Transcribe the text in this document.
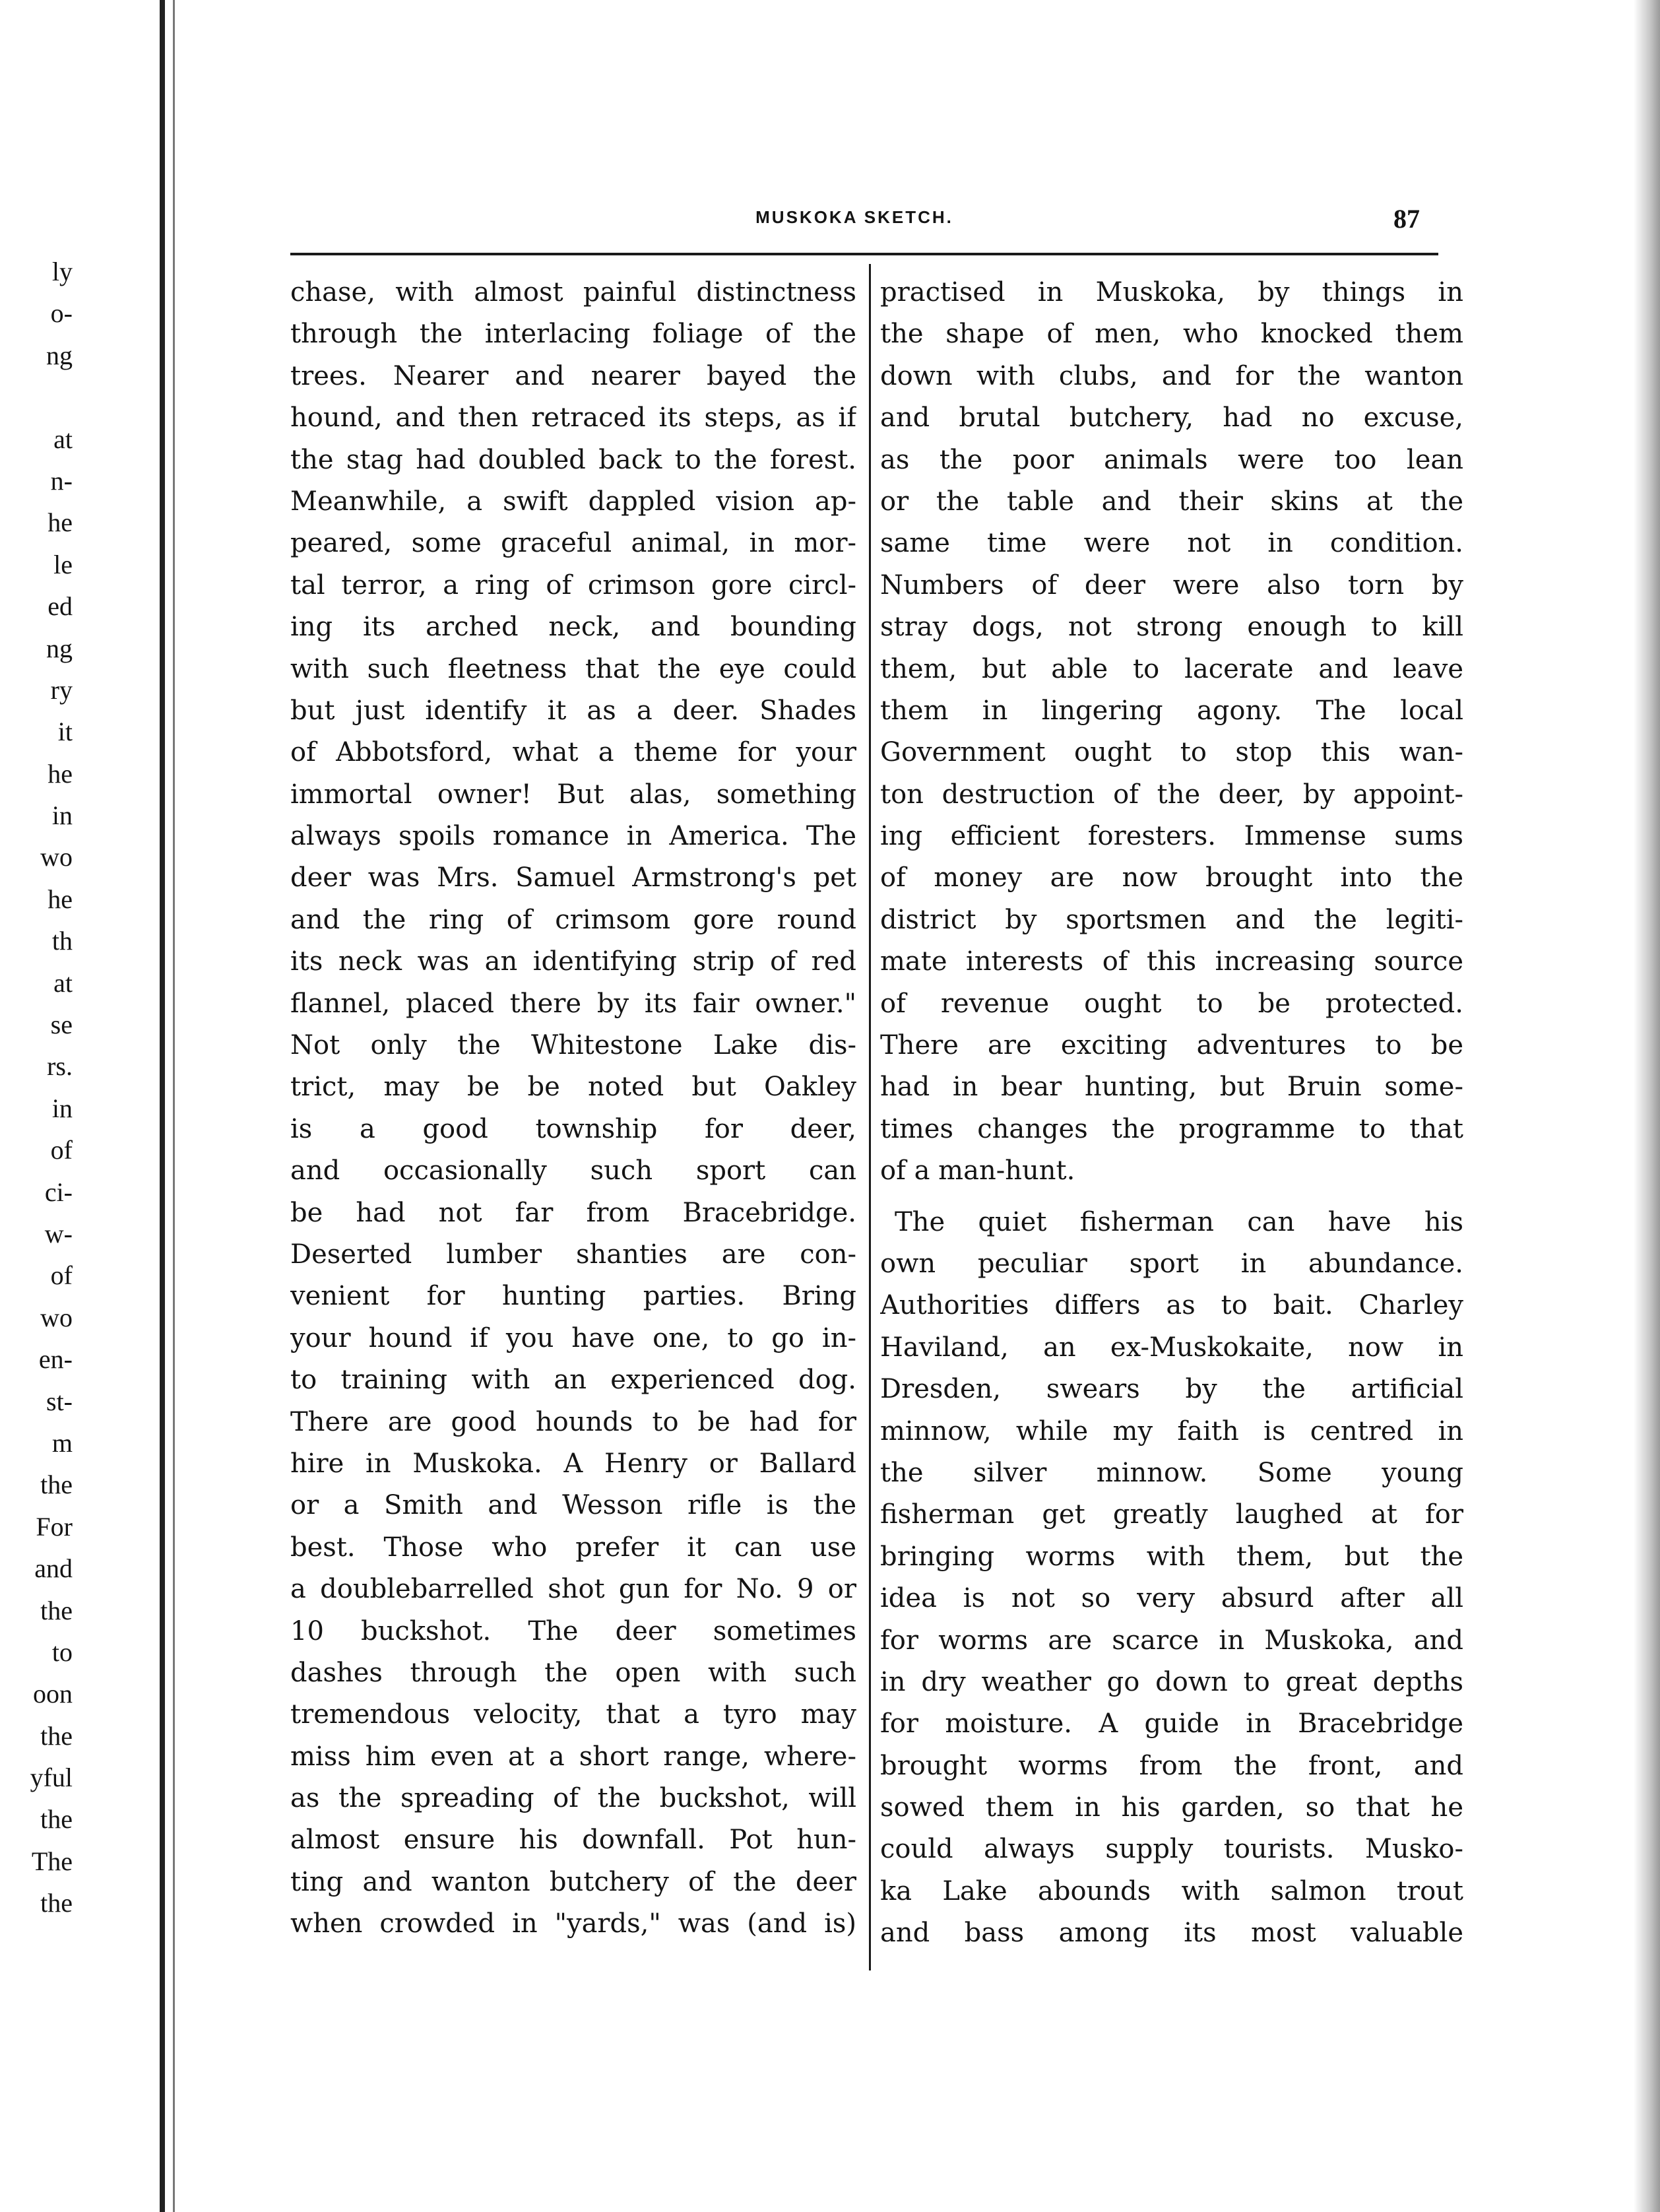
ly
o-
ng
at
n-
he
le
ed
ng
ry
it
he
in
wo
he
th
at
se
rs.
in
of
ci-
w-
of
wo
en-
st-
m
the
For
and
the
to
oon
the
yful
the
The
the
MUSKOKA SKETCH.	87

chase, with almost painful distinctness

through the interlacing foliage of the

trees. Nearer and nearer bayed the

hound, and then retraced its steps, as if

the stag had doubled back to the forest.

Meanwhile, a swift dappled vision ap-

peared, some graceful animal, in mor-

tal terror, a ring of crimson gore circl-

ing its arched neck, and bounding

with such fleetness that the eye could

but just identify it as a deer. Shades

of Abbotsford, what a theme for your

immortal owner! But alas, something

always spoils romance in America. The

deer was Mrs. Samuel Armstrong's pet

and the ring of crimsom gore round

its neck was an identifying strip of red

flannel, placed there by its fair owner."

Not only the Whitestone Lake dis-

trict, may be be noted but Oakley

is a good township for deer,

and occasionally such sport can

be had not far from Bracebridge.

Deserted lumber shanties are con-

venient for hunting parties. Bring

your hound if you have one, to go in-

to training with an experienced dog.

There are good hounds to be had for

hire in Muskoka. A Henry or Ballard

or a Smith and Wesson rifle is the

best. Those who prefer it can use

a doublebarrelled shot gun for No. 9 or

10 buckshot. The deer sometimes

dashes through the open with such

tremendous velocity, that a tyro may

miss him even at a short range, where-

as the spreading of the buckshot, will

almost ensure his downfall. Pot hun-

ting and wanton butchery of the deer

when crowded in "yards," was (and is)

practised in Muskoka, by things in

the shape of men, who knocked them

down with clubs, and for the wanton

and brutal butchery, had no excuse,

as the poor animals were too lean

or the table and their skins at the

same time were not in condition.

Numbers of deer were also torn by

stray dogs, not strong enough to kill

them, but able to lacerate and leave

them in lingering agony. The local

Government ought to stop this wan-

ton destruction of the deer, by appoint-

ing efficient foresters. Immense sums

of money are now brought into the

district by sportsmen and the legiti-

mate interests of this increasing source

of revenue ought to be protected.

There are exciting adventures to be

had in bear hunting, but Bruin some-

times changes the programme to that

of a man-hunt.

The quiet fisherman can have his

own peculiar sport in abundance.

Authorities differs as to bait. Charley

Haviland, an ex-Muskokaite, now in

Dresden, swears by the artificial

minnow, while my faith is centred in

the silver minnow. Some young

fisherman get greatly laughed at for

bringing worms with them, but the

idea is not so very absurd after all

for worms are scarce in Muskoka, and

in dry weather go down to great depths

for moisture. A guide in Bracebridge

brought worms from the front, and

sowed them in his garden, so that he

could always supply tourists. Musko-

ka Lake abounds with salmon trout

and bass among its most valuable
